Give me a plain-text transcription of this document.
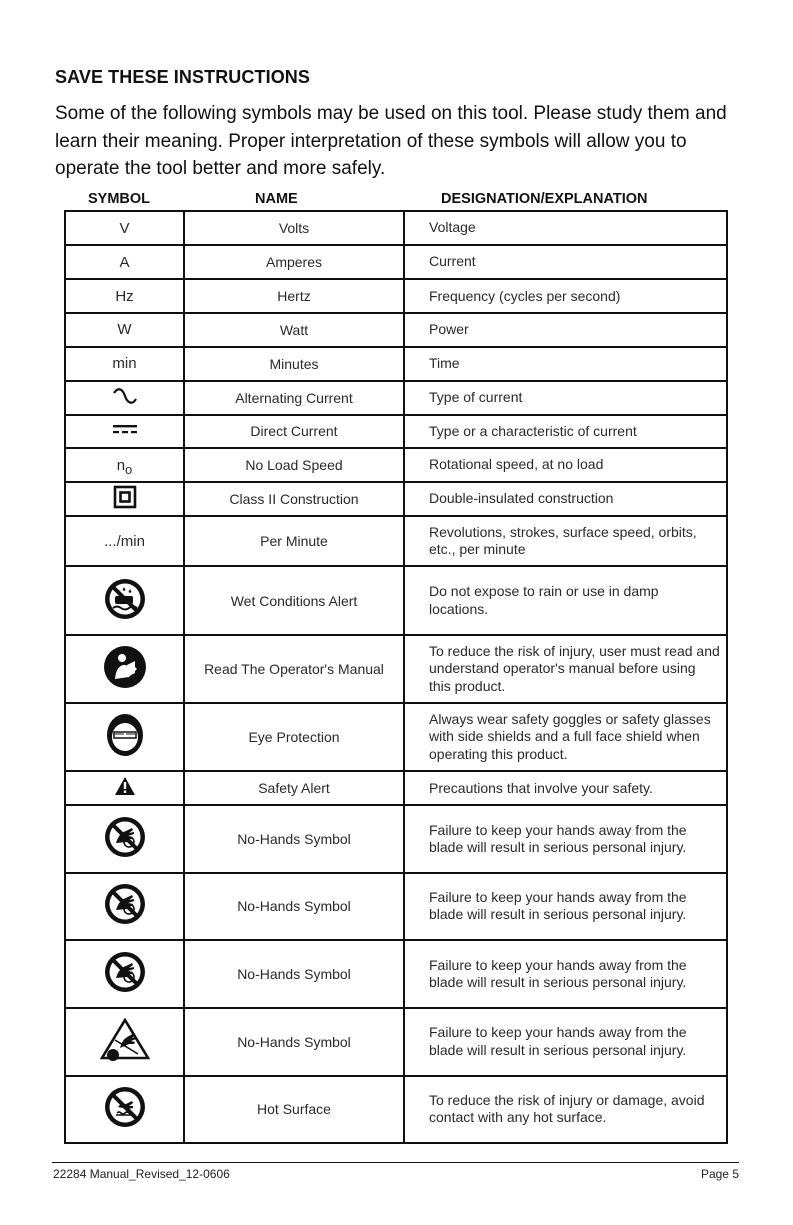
SAVE THESE INSTRUCTIONS
Some of the following symbols may be used on this tool. Please study them and learn their meaning. Proper interpretation of these symbols will allow you to operate the tool better and more safely.
SYMBOL	NAME	DESIGNATION/EXPLANATION
V	Volts	Voltage
A	Amperes	Current
Hz	Hertz	Frequency (cycles per second)
W	Watt	Power
min	Minutes	Time
	Alternating Current	Type of current
	Direct Current	Type or a characteristic of current
no	No Load Speed	Rotational speed, at no load
	Class II Construction	Double-insulated construction
.../min	Per Minute	Revolutions, strokes, surface speed, orbits, etc., per minute
	Wet Conditions Alert	Do not expose to rain or use in damp locations.
	Read The Operator's Manual	To reduce the risk of injury, user must read and understand operator's manual before using this product.
	Eye Protection	Always wear safety goggles or safety glasses with side shields and a full face shield when operating this product.
	Safety Alert	Precautions that involve your safety.
	No-Hands Symbol	Failure to keep your hands away from the blade will result in serious personal injury.
	No-Hands Symbol	Failure to keep your hands away from the blade will result in serious personal injury.
	No-Hands Symbol	Failure to keep your hands away from the blade will result in serious personal injury.
	No-Hands Symbol	Failure to keep your hands away from the blade will result in serious personal injury.
	Hot Surface	To reduce the risk of injury or damage, avoid contact with any hot surface.
22284 Manual_Revised_12-0606	Page 5
